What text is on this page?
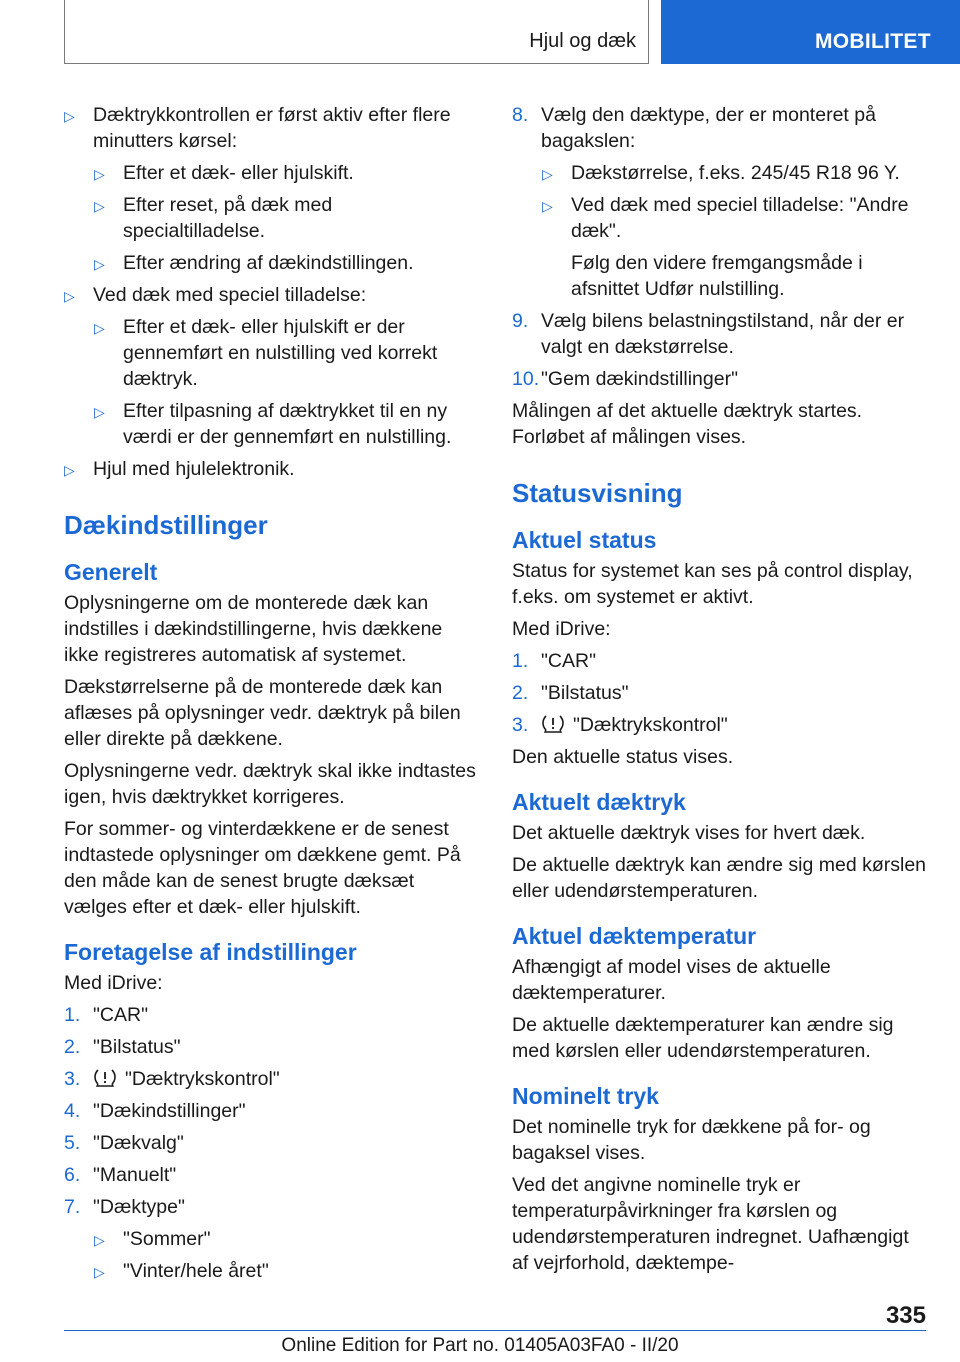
Hjul og dæk	MOBILITET
▷ Dæktrykkontrollen er først aktiv efter flere minutters kørsel:
▷ Efter et dæk- eller hjulskift.
▷ Efter reset, på dæk med specialtilladelse.
▷ Efter ændring af dækindstillingen.
▷ Ved dæk med speciel tilladelse:
▷ Efter et dæk- eller hjulskift er der gennemført en nulstilling ved korrekt dæktryk.
▷ Efter tilpasning af dæktrykket til en ny værdi er der gennemført en nulstilling.
▷ Hjul med hjulelektronik.
Dækindstillinger
Generelt

Oplysningerne om de monterede dæk kan indstilles i dækindstillingerne, hvis dækkene ikke registreres automatisk af systemet.

Dækstørrelserne på de monterede dæk kan aflæses på oplysninger vedr. dæktryk på bilen eller direkte på dækkene.

Oplysningerne vedr. dæktryk skal ikke indtastes igen, hvis dæktrykket korrigeres.

For sommer- og vinterdækkene er de senest indtastede oplysninger om dækkene gemt. På den måde kan de senest brugte dæksæt vælges efter et dæk- eller hjulskift.

Foretagelse af indstillinger

Med iDrive:

1. "CAR"
2. "Bilstatus"
3. "Dæktrykskontrol"
4. "Dækindstillinger"
5. "Dækvalg"
6. "Manuelt"
7. "Dæktype"
▷ "Sommer"
▷ "Vinter/hele året"
8. Vælg den dæktype, der er monteret på bagakslen:
▷ Dækstørrelse, f.eks. 245/45 R18 96 Y.
▷ Ved dæk med speciel tilladelse: "Andre dæk".

Følg den videre fremgangsmåde i afsnittet Udfør nulstilling.

9. Vælg bilens belastningstilstand, når der er valgt en dækstørrelse.
10. "Gem dækindstillinger"

Målingen af det aktuelle dæktryk startes. Forløbet af målingen vises.

Statusvisning
Aktuel status

Status for systemet kan ses på control display, f.eks. om systemet er aktivt.

Med iDrive:

1. "CAR"
2. "Bilstatus"
3. "Dæktrykskontrol"

Den aktuelle status vises.

Aktuelt dæktryk

Det aktuelle dæktryk vises for hvert dæk.

De aktuelle dæktryk kan ændre sig med kørslen eller udendørstemperaturen.

Aktuel dæktemperatur

Afhængigt af model vises de aktuelle dæktemperaturer.

De aktuelle dæktemperaturer kan ændre sig med kørslen eller udendørstemperaturen.

Nominelt tryk

Det nominelle tryk for dækkene på for- og bagaksel vises.

Ved det angivne nominelle tryk er temperaturpåvirkninger fra kørslen og udendørstemperaturen indregnet. Uafhængigt af vejrforhold, dæktempe-

335
Online Edition for Part no. 01405A03FA0 - II/20
